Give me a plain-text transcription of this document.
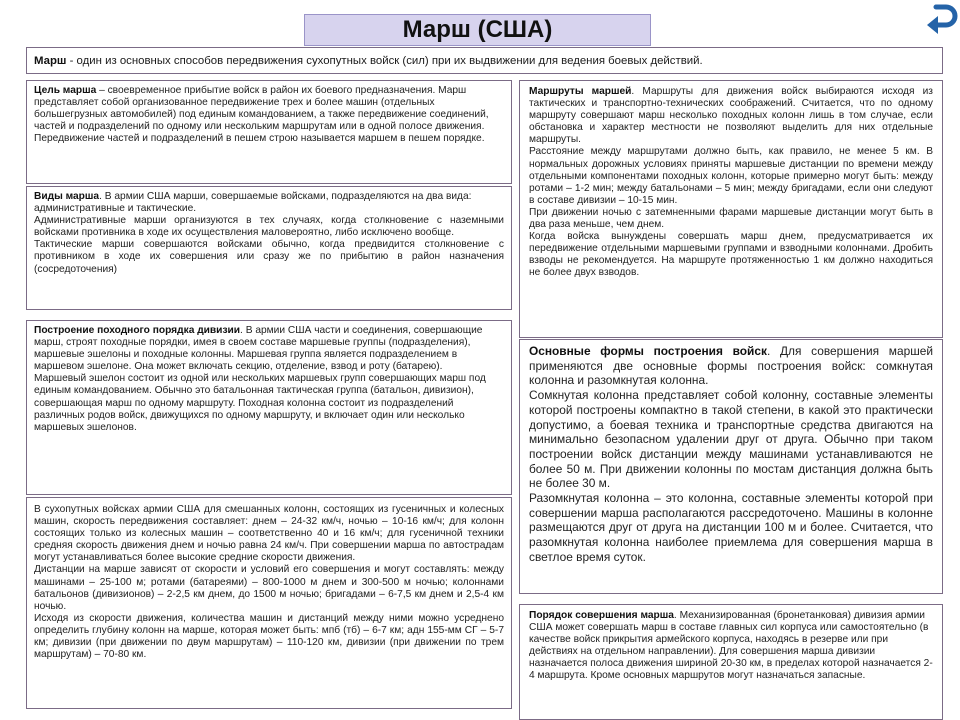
Марш (США)

Марш - один из основных способов передвижения сухопутных войск (сил) при их выдвижении для ведения боевых действий.

Цель марша – своевременное прибытие войск в район их боевого предназначения. Марш представляет собой организованное передвижение трех и более машин (отдельных большегрузных автомобилей) под единым командованием, а также передвижение соединений, частей и подразделений по одному или нескольким маршрутам или в одной полосе движения. Передвижение частей и подразделений в пешем строю называется маршем в пешем порядке.

Виды марша. В армии США марши, совершаемые войсками, подразделяются на два вида: административные и тактические.

Административные марши организуются в тех случаях, когда столкновение с наземными войсками противника в ходе их осуществления маловероятно, либо исключено вообще.

Тактические марши совершаются войсками обычно, когда предвидится столкновение с противником в ходе их совершения или сразу же по прибытию в район назначения (сосредоточения)

Построение походного порядка дивизии. В армии США части и соединения, совершающие марш, строят походные порядки, имея в своем составе маршевые группы (подразделения), маршевые эшелоны и походные колонны. Маршевая группа является подразделением в маршевом эшелоне. Она может включать секцию, отделение, взвод и роту (батарею).

Маршевый эшелон состоит из одной или нескольких маршевых групп совершающих марш под единым командованием. Обычно это батальонная тактическая группа (батальон, дивизион), совершающая марш по одному маршруту. Походная колонна состоит из подразделений различных родов войск, движущихся по одному маршруту, и включает один или несколько маршевых эшелонов.

В сухопутных войсках армии США для смешанных колонн, состоящих из гусеничных и колесных машин, скорость передвижения составляет: днем – 24-32 км/ч, ночью – 10-16 км/ч; для колонн состоящих только из колесных машин – соответственно 40 и 16 км/ч; для гусеничной техники средняя скорость движения днем и ночью равна 24 км/ч. При совершении марша по автострадам могут устанавливаться более высокие средние скорости движения.

Дистанции на марше зависят от скорости и условий его совершения и могут составлять: между машинами – 25-100 м; ротами (батареями) – 800-1000 м днем и 300-500 м ночью; колоннами батальонов (дивизионов) – 2-2,5 км днем, до 1500 м ночью; бригадами – 6-7,5 км днем и 2,5-4 км ночью.

Исходя из скорости движения, количества машин и дистанций между ними можно усреднено определить глубину колонн на марше, которая может быть: мпб (тб) – 6-7 км; адн 155-мм СГ – 5-7 км; дивизии (при движении по двум маршрутам) – 110-120 км, дивизии (при движении по трем маршрутам) – 70-80 км.

Маршруты маршей. Маршруты для движения войск выбираются исходя из тактических и транспортно-технических соображений. Считается, что по одному маршруту совершают марш несколько походных колонн лишь в том случае, если обстановка и характер местности не позволяют выделить для них отдельные маршруты.

Расстояние между маршрутами должно быть, как правило, не менее 5 км. В нормальных дорожных условиях приняты маршевые дистанции по времени между отдельными компонентами походных колонн, которые примерно могут быть: между ротами – 1-2 мин; между батальонами – 5 мин; между бригадами, если они следуют в составе дивизии – 10-15 мин.

При движении ночью с затемненными фарами маршевые дистанции могут быть в два раза меньше, чем днем.

Когда войска вынуждены совершать марш днем, предусматривается их передвижение отдельными маршевыми группами и взводными колоннами. Дробить взводы не рекомендуется. На маршруте протяженностью 1 км должно находиться не более двух взводов.

Основные формы построения войск. Для совершения маршей применяются две основные формы построения войск: сомкнутая колонна и разомкнутая колонна.

Сомкнутая колонна представляет собой колонну, составные элементы которой построены компактно в такой степени, в какой это практически допустимо, а боевая техника и транспортные средства двигаются на минимально безопасном удалении друг от друга. Обычно при таком построении войск дистанции между машинами устанавливаются не более 50 м. При движении колонны по мостам дистанция должна быть не более 30 м.

Разомкнутая колонна – это колонна, составные элементы которой при совершении марша располагаются рассредоточено. Машины в колонне размещаются друг от друга на дистанции 100 м и более. Считается, что разомкнутая колонна наиболее приемлема для совершения марша в светлое время суток.

Порядок совершения марша. Механизированная (бронетанковая) дивизия армии США может совершать марш в составе главных сил корпуса или самостоятельно (в качестве войск прикрытия армейского корпуса, находясь в резерве или при действиях на отдельном направлении). Для совершения марша дивизии назначается полоса движения шириной 20-30 км, в пределах которой назначается 2-4 маршрута. Кроме основных маршрутов могут назначаться запасные.
